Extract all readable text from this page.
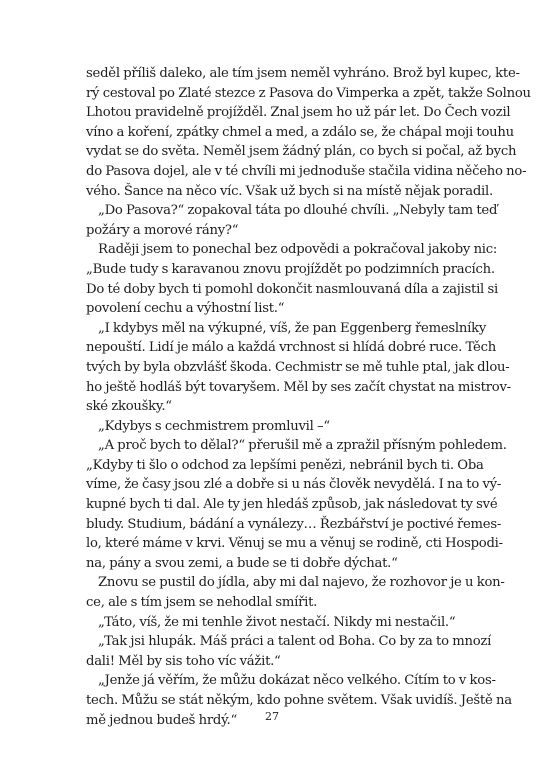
seděl příliš daleko, ale tím jsem neměl vyhráno. Brož byl kupec, kte-
rý cestoval po Zlaté stezce z Pasova do Vimperka a zpět, takže Solnou
Lhotou pravidelně projížděl. Znal jsem ho už pár let. Do Čech vozil
víno a koření, zpátky chmel a med, a zdálo se, že chápal moji touhu
vydat se do světa. Neměl jsem žádný plán, co bych si počal, až bych
do Pasova dojel, ale v té chvíli mi jednoduše stačila vidina něčeho no-
vého. Šance na něco víc. Však už bych si na místě nějak poradil.
„Do Pasova?“ zopakoval táta po dlouhé chvíli. „Nebyly tam teď
požáry a morové rány?“
Raději jsem to ponechal bez odpovědi a pokračoval jakoby nic:
„Bude tudy s karavanou znovu projíždět po podzimních pracích.
Do té doby bych ti pomohl dokončit nasmlouvaná díla a zajistil si
povolení cechu a výhostní list.“
„I kdybys měl na výkupné, víš, že pan Eggenberg řemeslníky
nepouští. Lidí je málo a každá vrchnost si hlídá dobré ruce. Těch
tvých by byla obzvlášť škoda. Cechmistr se mě tuhle ptal, jak dlou-
ho ještě hodláš být tovaryšem. Měl by ses začít chystat na mistrov-
ské zkoušky.“
„Kdybys s cechmistrem promluvil –“
„A proč bych to dělal?“ přerušil mě a zpražil přísným pohledem.
„Kdyby ti šlo o odchod za lepšími penězi, nebránil bych ti. Oba
víme, že časy jsou zlé a dobře si u nás člověk nevydělá. I na to vý-
kupné bych ti dal. Ale ty jen hledáš způsob, jak následovat ty své
bludy. Studium, bádání a vynálezy… Řezbářství je poctivé řemes-
lo, které máme v krvi. Věnuj se mu a věnuj se rodině, cti Hospodi-
na, pány a svou zemi, a bude se ti dobře dýchat.“
Znovu se pustil do jídla, aby mi dal najevo, že rozhovor je u kon-
ce, ale s tím jsem se nehodlal smířit.
„Táto, víš, že mi tenhle život nestačí. Nikdy mi nestačil.“
„Tak jsi hlupák. Máš práci a talent od Boha. Co by za to mnozí
dali! Měl by sis toho víc vážit.“
„Jenže já věřím, že můžu dokázat něco velkého. Cítím to v kos-
tech. Můžu se stát někým, kdo pohne světem. Však uvidíš. Ještě na
mě jednou budeš hrdý.“	27
